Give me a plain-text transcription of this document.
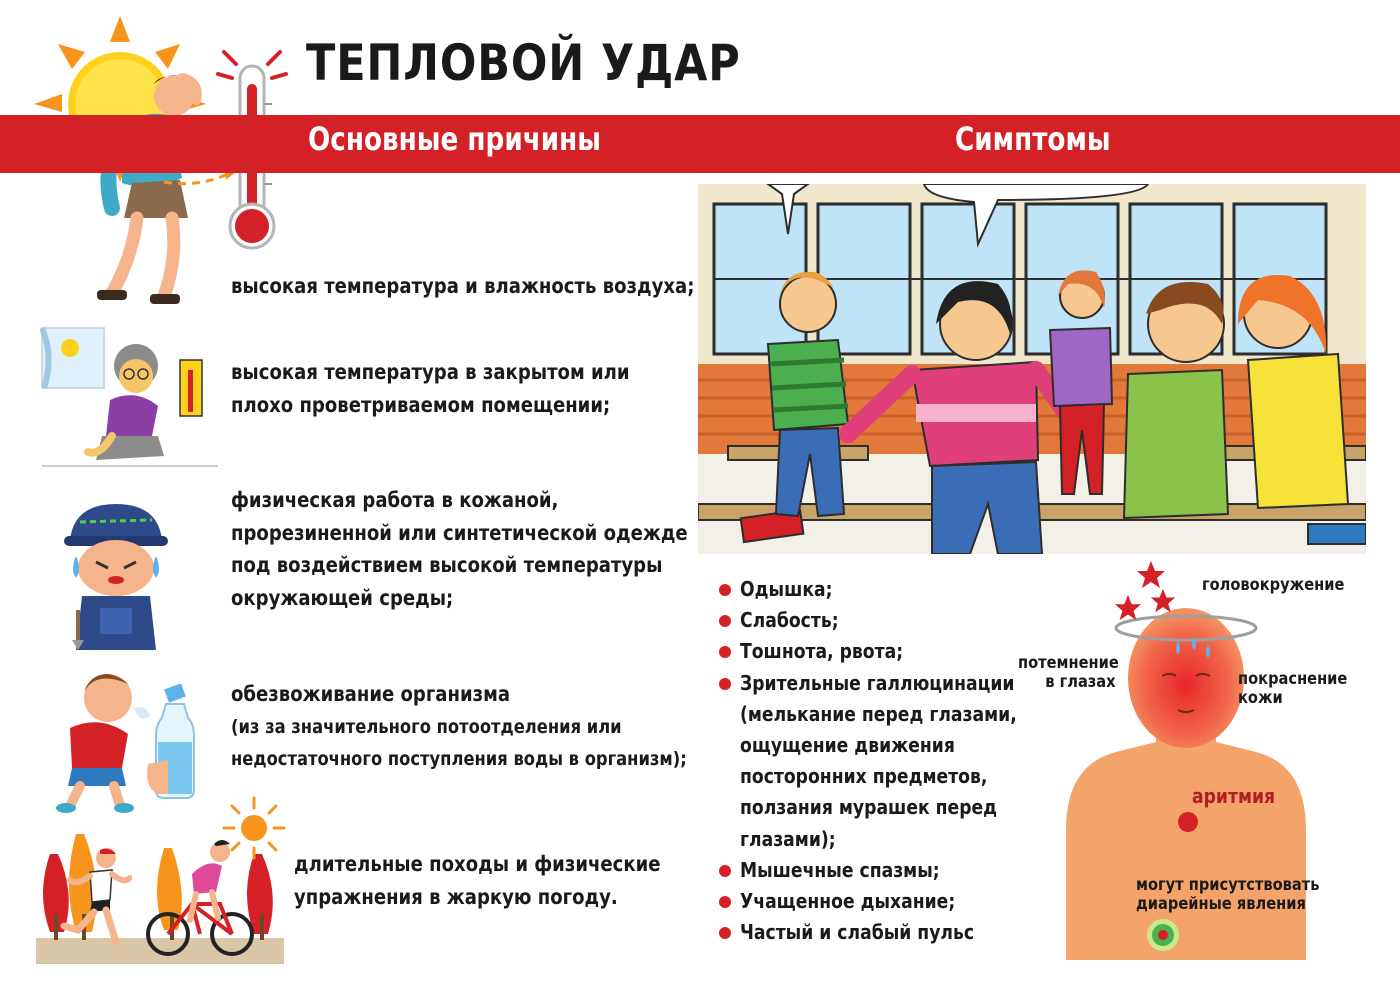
ТЕПЛОВОЙ УДАР
Основные причины	Симптомы
высокая температура и влажность воздуха;
высокая температура в закрытом или
плохо проветриваемом помещении;
физическая работа в кожаной,
прорезиненной или синтетической одежде
под воздействием высокой температуры
окружающей среды;
обезвоживание организма
(из за значительного потоотделения или
недостаточного поступления воды в организм);
длительные походы и физические
упражнения в жаркую погоду.
Одышка;
Слабость;
Тошнота, рвота;
Зрительные галлюцинации
(мелькание перед глазами,
ощущение движения
посторонних предметов,
ползания мурашек перед
глазами);
Мышечные спазмы;
Учащенное дыхание;
Частый и слабый пульс
головокружение
потемнение
в глазах	покраснение
кожи
аритмия
могут присутствовать
диарейные явления
